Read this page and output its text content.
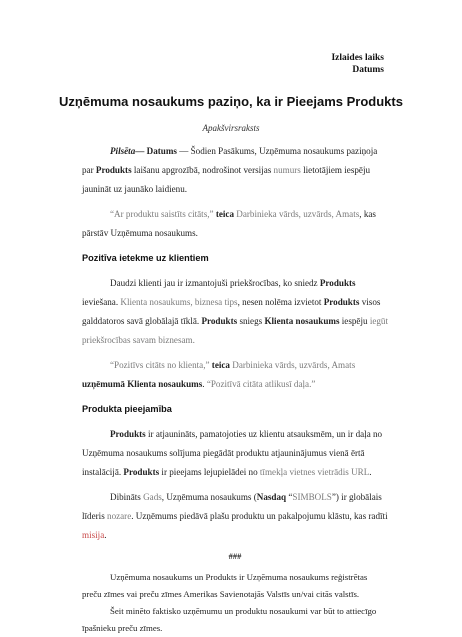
Izlaides laiks
Datums
Uzņēmuma nosaukums paziņo, ka ir Pieejams Produkts
Apakšvirsraksts

Pilsēta— Datums — Šodien Pasākums, Uzņēmuma nosaukums paziņoja par Produkts laišanu apgrozībā, nodrošinot versijas numurs lietotājiem iespēju jaunināt uz jaunāko laidienu.

“Ar produktu saistīts citāts,” teica Darbinieka vārds, uzvārds, Amats, kas pārstāv Uzņēmuma nosaukums.

Pozitīva ietekme uz klientiem

Daudzi klienti jau ir izmantojuši priekšrocības, ko sniedz Produkts ieviešana. Klienta nosaukums, biznesa tips, nesen nolēma izvietot Produkts visos galddatoros savā globālajā tīklā. Produkts sniegs Klienta nosaukums iespēju iegūt priekšrocības savam biznesam.

“Pozitīvs citāts no klienta,” teica Darbinieka vārds, uzvārds, Amats uzņēmumā Klienta nosaukums. “Pozitīvā citāta atlikusī daļa.”

Produkta pieejamība

Produkts ir atjaunināts, pamatojoties uz klientu atsauksmēm, un ir daļa no Uzņēmuma nosaukums solījuma piegādāt produktu atjauninājumus vienā ērtā instalācijā. Produkts ir pieejams lejupielādei no tīmekļa vietnes vietrādis URL.

Dibināts Gads, Uzņēmuma nosaukums (Nasdaq “SIMBOLS”) ir globālais līderis nozare. Uzņēmums piedāvā plašu produktu un pakalpojumu klāstu, kas radīti misija.

###

Uzņēmuma nosaukums un Produkts ir Uzņēmuma nosaukums reģistrētas preču zīmes vai preču zīmes Amerikas Savienotajās Valstīs un/vai citās valstīs.

Šeit minēto faktisko uzņēmumu un produktu nosaukumi var būt to attiecīgo īpašnieku preču zīmes.
